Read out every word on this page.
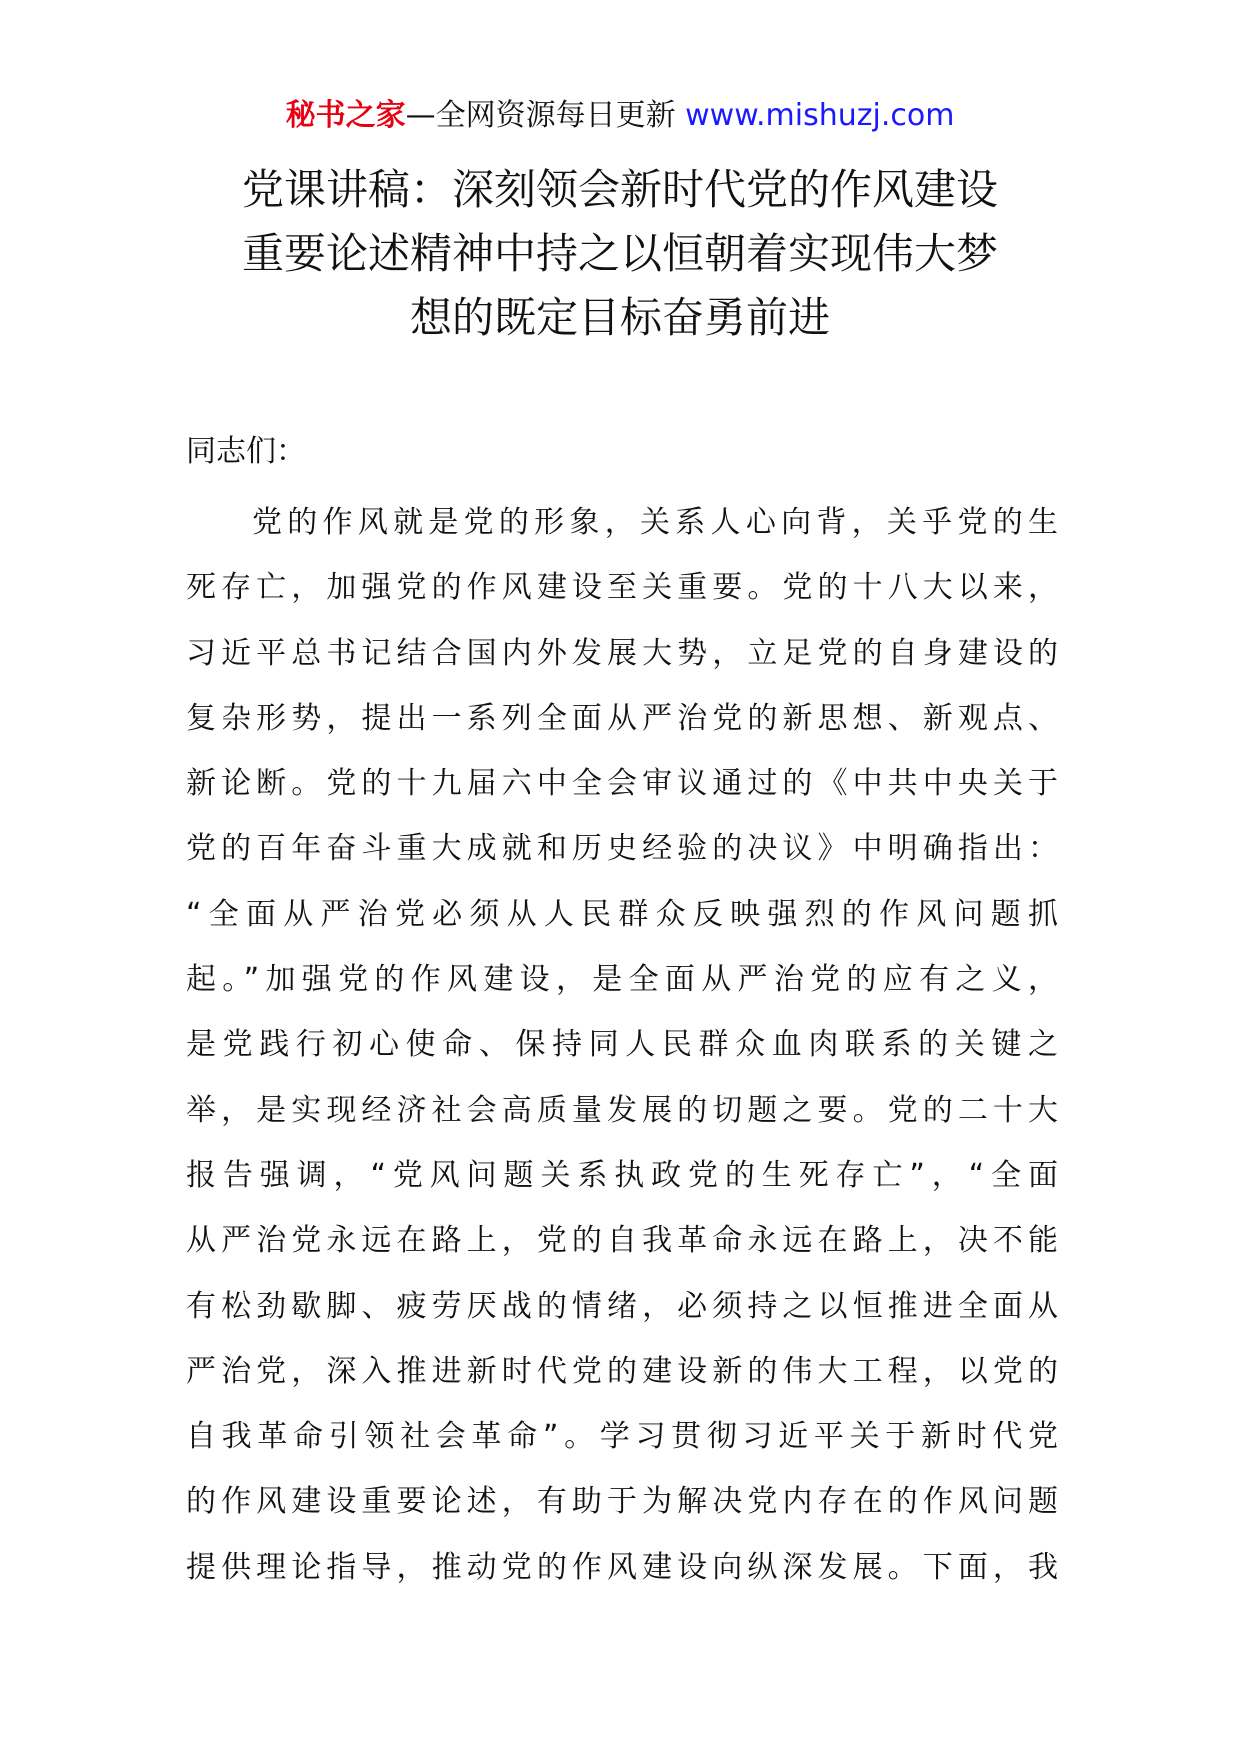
秘书之家—全网资源每日更新 www.mishuzj.com
党课讲稿：深刻领会新时代党的作风建设
重要论述精神中持之以恒朝着实现伟大梦
想的既定目标奋勇前进
同志们：
党的作风就是党的形象，关系人心向背，关乎党的生
死存亡，加强党的作风建设至关重要。党的十八大以来，
习近平总书记结合国内外发展大势，立足党的自身建设的
复杂形势，提出一系列全面从严治党的新思想、新观点、
新论断。党的十九届六中全会审议通过的《中共中央关于
党的百年奋斗重大成就和历史经验的决议》中明确指出：
“全面从严治党必须从人民群众反映强烈的作风问题抓
起。”加强党的作风建设，是全面从严治党的应有之义，
是党践行初心使命、保持同人民群众血肉联系的关键之
举，是实现经济社会高质量发展的切题之要。党的二十大
报告强调，“党风问题关系执政党的生死存亡”，“全面
从严治党永远在路上，党的自我革命永远在路上，决不能
有松劲歇脚、疲劳厌战的情绪，必须持之以恒推进全面从
严治党，深入推进新时代党的建设新的伟大工程，以党的
自我革命引领社会革命”。学习贯彻习近平关于新时代党
的作风建设重要论述，有助于为解决党内存在的作风问题
提供理论指导，推动党的作风建设向纵深发展。下面，我
